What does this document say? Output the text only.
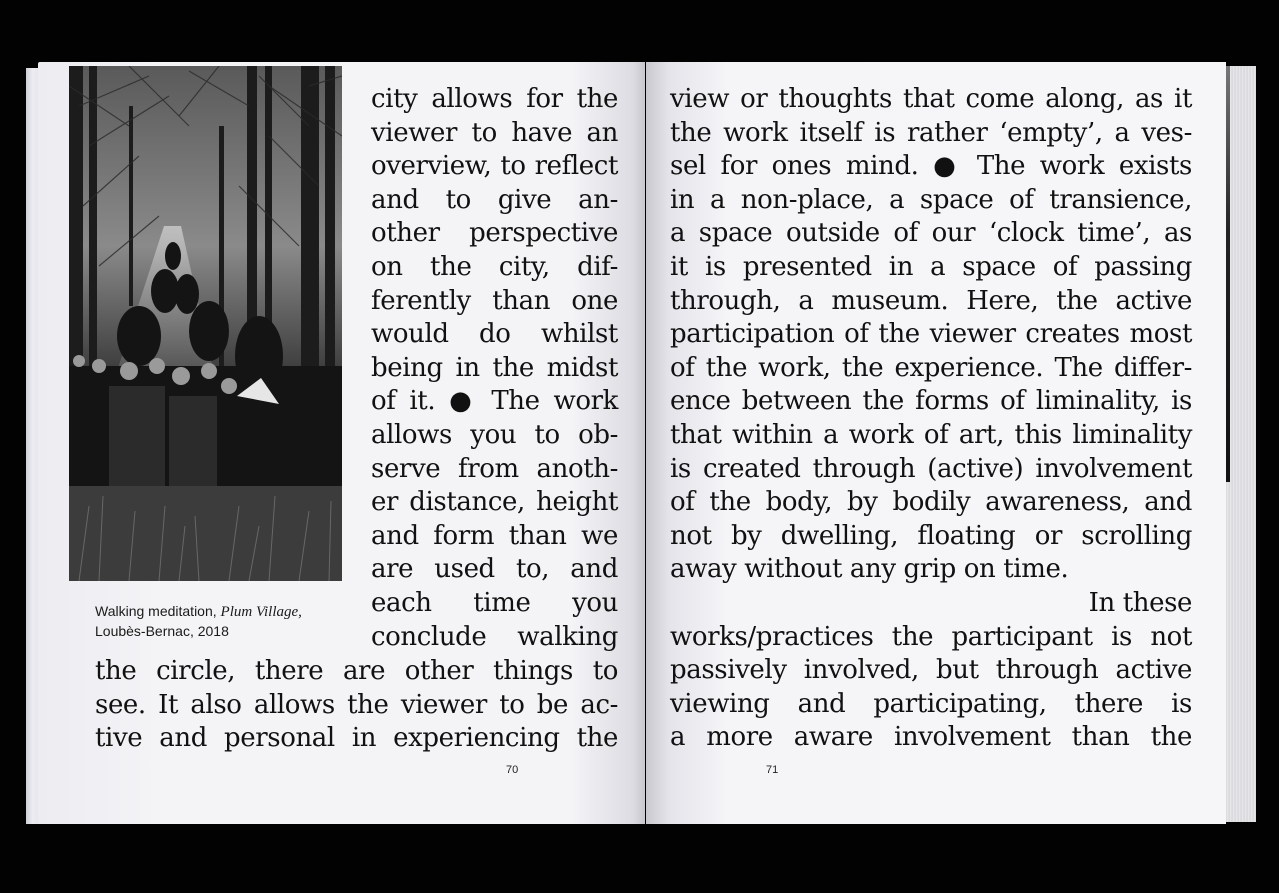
Walking meditation, Plum Village,
Loubès-Bernac, 2018
city allows for the
viewer to have an
overview, to reflect
and to give an-
other perspective
on the city, dif-
ferently than one
would do whilst
being in the midst
of it. ● The work
allows you to ob-
serve from anoth-
er distance, height
and form than we
are used to, and
each time you
conclude walking
the circle, there are other things to
see. It also allows the viewer to be ac-
tive and personal in experiencing the
70
view or thoughts that come along, as it
the work itself is rather ‘empty’, a ves-
sel for ones mind. ● The work exists
in a non-place, a space of transience,
a space outside of our ‘clock time’, as
it is presented in a space of passing
through, a museum. Here, the active
participation of the viewer creates most
of the work, the experience. The differ-
ence between the forms of liminality, is
that within a work of art, this liminality
is created through (active) involvement
of the body, by bodily awareness, and
not by dwelling, floating or scrolling
away without any grip on time.
In these
works/practices the participant is not
passively involved, but through active
viewing and participating, there is
a more aware involvement than the
71
